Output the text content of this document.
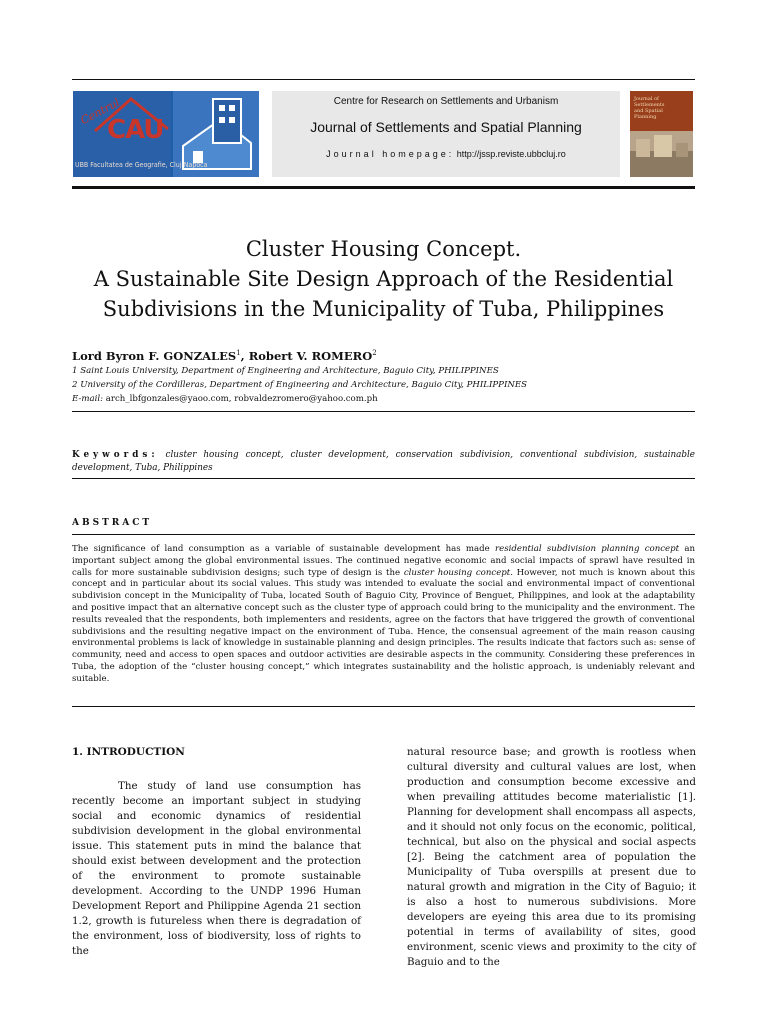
Centrul
CAU
UBB Facultatea de Geografie, Cluj-Napoca
Centre for Research on Settlements and Urbanism
Journal of Settlements and Spatial Planning
Journal homepage: http://jssp.reviste.ubbcluj.ro
Journal of Settlements and Spatial Planning
Cluster Housing Concept.
A Sustainable Site Design Approach of the Residential
Subdivisions in the Municipality of Tuba, Philippines
Lord Byron F. GONZALES$^1$, Robert V. ROMERO$^2$
1 Saint Louis University, Department of Engineering and Architecture, Baguio City, PHILIPPINES
2 University of the Cordilleras, Department of Engineering and Architecture, Baguio City, PHILIPPINES
E-mail: arch_lbfgonzales@yaoo.com, robvaldezromero@yahoo.com.ph
Keywords: cluster housing concept, cluster development, conservation subdivision, conventional subdivision, sustainable development, Tuba, Philippines
ABSTRACT
The significance of land consumption as a variable of sustainable development has made residential subdivision planning concept an important subject among the global environmental issues. The continued negative economic and social impacts of sprawl have resulted in calls for more sustainable subdivision designs; such type of design is the cluster housing concept. However, not much is known about this concept and in particular about its social values. This study was intended to evaluate the social and environmental impact of conventional subdivision concept in the Municipality of Tuba, located South of Baguio City, Province of Benguet, Philippines, and look at the adaptability and positive impact that an alternative concept such as the cluster type of approach could bring to the municipality and the environment. The results revealed that the respondents, both implementers and residents, agree on the factors that have triggered the growth of conventional subdivisions and the resulting negative impact on the environment of Tuba. Hence, the consensual agreement of the main reason causing environmental problems is lack of knowledge in sustainable planning and design principles. The results indicate that factors such as: sense of community, need and access to open spaces and outdoor activities are desirable aspects in the community. Considering these preferences in Tuba, the adoption of the “cluster housing concept,” which integrates sustainability and the holistic approach, is undeniably relevant and suitable.
1. INTRODUCTION
The study of land use consumption has recently become an important subject in studying social and economic dynamics of residential subdivision development in the global environmental issue. This statement puts in mind the balance that should exist between development and the protection of the environment to promote sustainable development. According to the UNDP 1996 Human Development Report and Philippine Agenda 21 section 1.2, growth is futureless when there is degradation of the environment, loss of biodiversity, loss of rights to the
natural resource base; and growth is rootless when cultural diversity and cultural values are lost, when production and consumption become excessive and when prevailing attitudes become materialistic [1]. Planning for development shall encompass all aspects, and it should not only focus on the economic, political, technical, but also on the physical and social aspects [2]. Being the catchment area of population the Municipality of Tuba overspills at present due to natural growth and migration in the City of Baguio; it is also a host to numerous subdivisions. More developers are eyeing this area due to its promising potential in terms of availability of sites, good environment, scenic views and proximity to the city of Baguio and to the
